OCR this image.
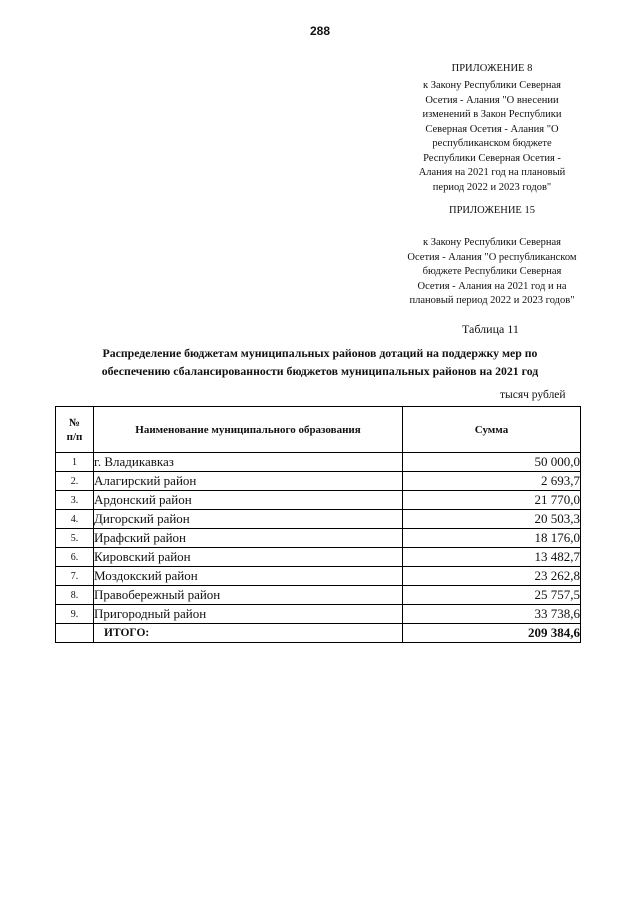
288
ПРИЛОЖЕНИЕ 8
к Закону Республики Северная
Осетия - Алания "О внесении
изменений в Закон Республики
Северная Осетия - Алания "О
республиканском бюджете
Республики Северная Осетия -
Алания на 2021 год на плановый
период 2022 и 2023 годов"
ПРИЛОЖЕНИЕ 15
к Закону Республики Северная
Осетия - Алания "О республиканском
бюджете Республики Северная
Осетия - Алания на 2021 год и на
плановый период 2022 и 2023 годов"
Таблица 11
Распределение бюджетам муниципальных районов дотаций на поддержку мер по
обеспечению сбалансированности бюджетов муниципальных районов на 2021 год
тысяч рублей
№
п/п	Наименование муниципального образования	Сумма
1	г. Владикавказ	50 000,0
2.	Алагирский район	2 693,7
3.	Ардонский район	21 770,0
4.	Дигорский район	20 503,3
5.	Ирафский район	18 176,0
6.	Кировский район	13 482,7
7.	Моздокский район	23 262,8
8.	Правобережный район	25 757,5
9.	Пригородный район	33 738,6
	ИТОГО:	209 384,6
